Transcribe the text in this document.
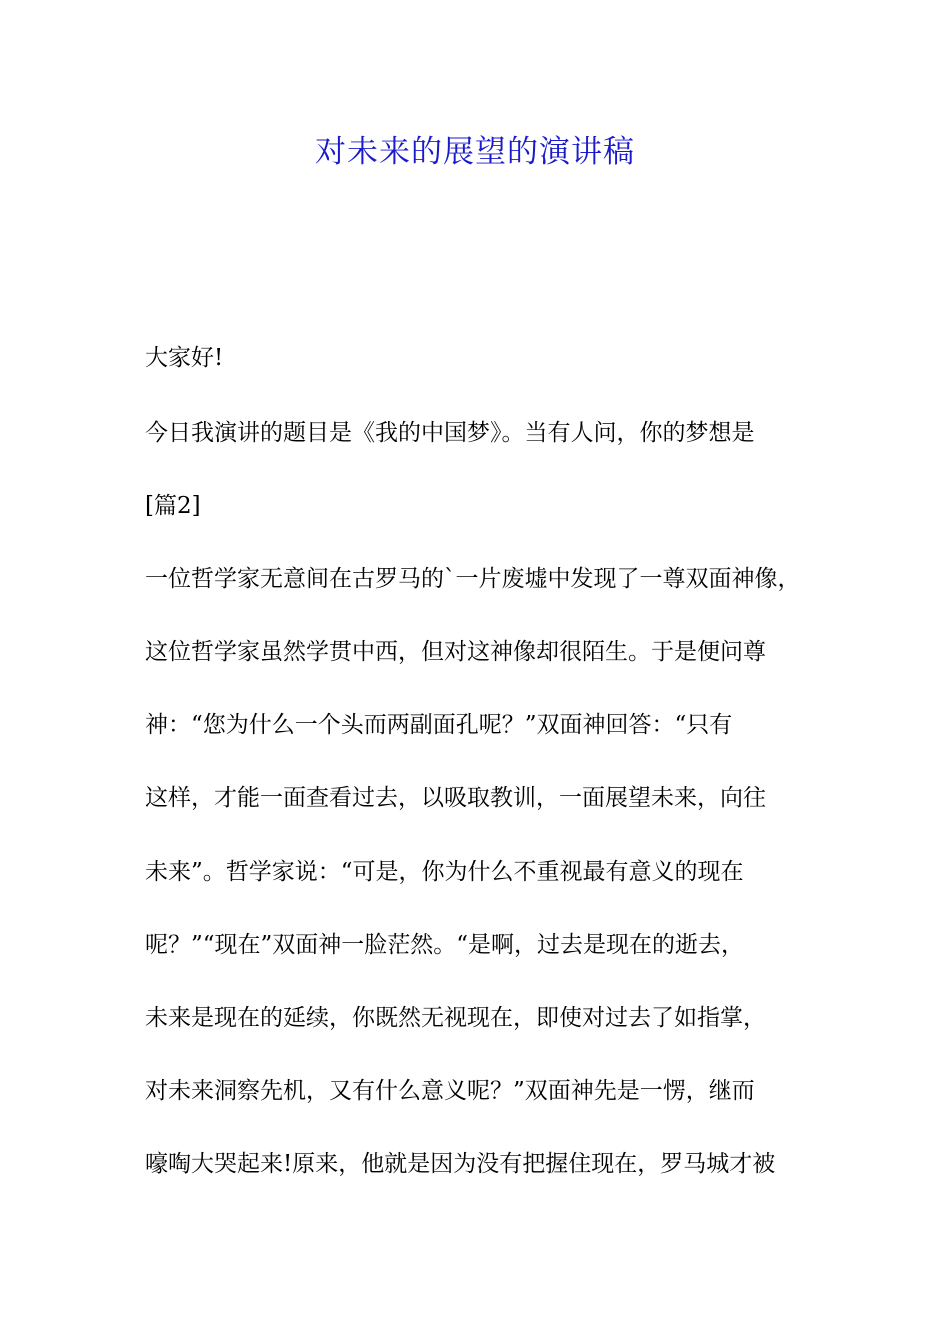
对未来的展望的演讲稿
大家好!
今日我演讲的题目是《我的中国梦》。当有人问，你的梦想是
[篇2]
一位哲学家无意间在古罗马的`一片废墟中发现了一尊双面神像，
这位哲学家虽然学贯中西，但对这神像却很陌生。于是便问尊
神：“您为什么一个头而两副面孔呢？”双面神回答：“只有
这样，才能一面查看过去，以吸取教训，一面展望未来，向往
未来”。哲学家说：“可是，你为什么不重视最有意义的现在
呢？”“现在”双面神一脸茫然。“是啊，过去是现在的逝去，
未来是现在的延续，你既然无视现在，即使对过去了如指掌，
对未来洞察先机，又有什么意义呢？”双面神先是一愣，继而
嚎啕大哭起来!原来，他就是因为没有把握住现在，罗马城才被
